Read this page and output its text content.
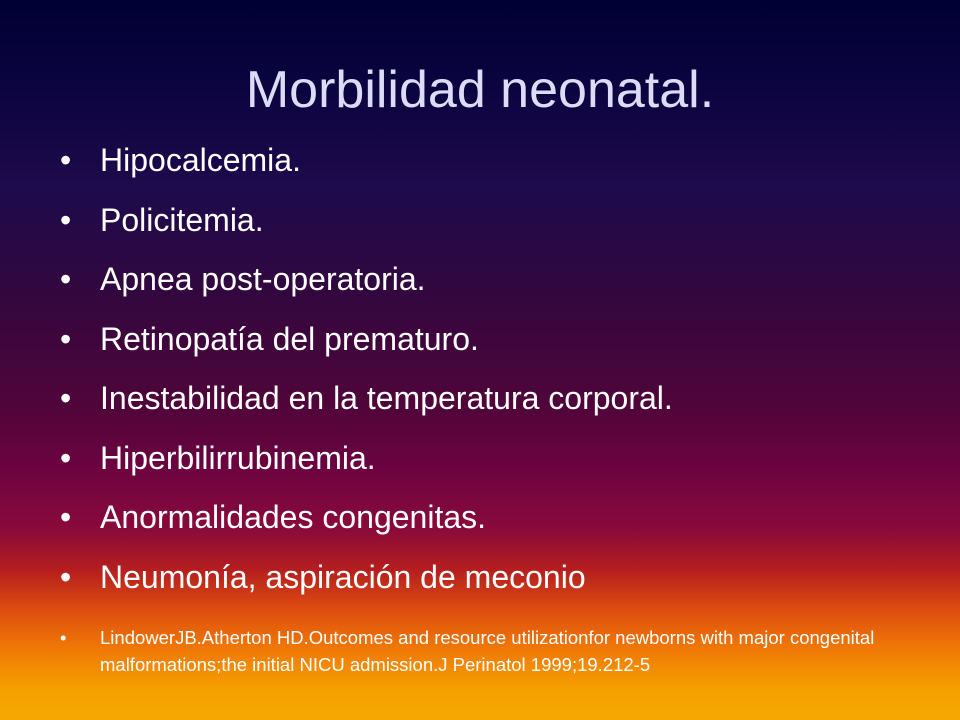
Morbilidad neonatal.
• Hipocalcemia.
• Policitemia.
• Apnea post-operatoria.
• Retinopatía del prematuro.
• Inestabilidad en la temperatura corporal.
• Hiperbilirrubinemia.
• Anormalidades congenitas.
• Neumonía, aspiración de meconio
• LindowerJB.Atherton HD.Outcomes and resource utilizationfor newborns with major congenital malformations;the initial NICU admission.J Perinatol 1999;19.212-5
